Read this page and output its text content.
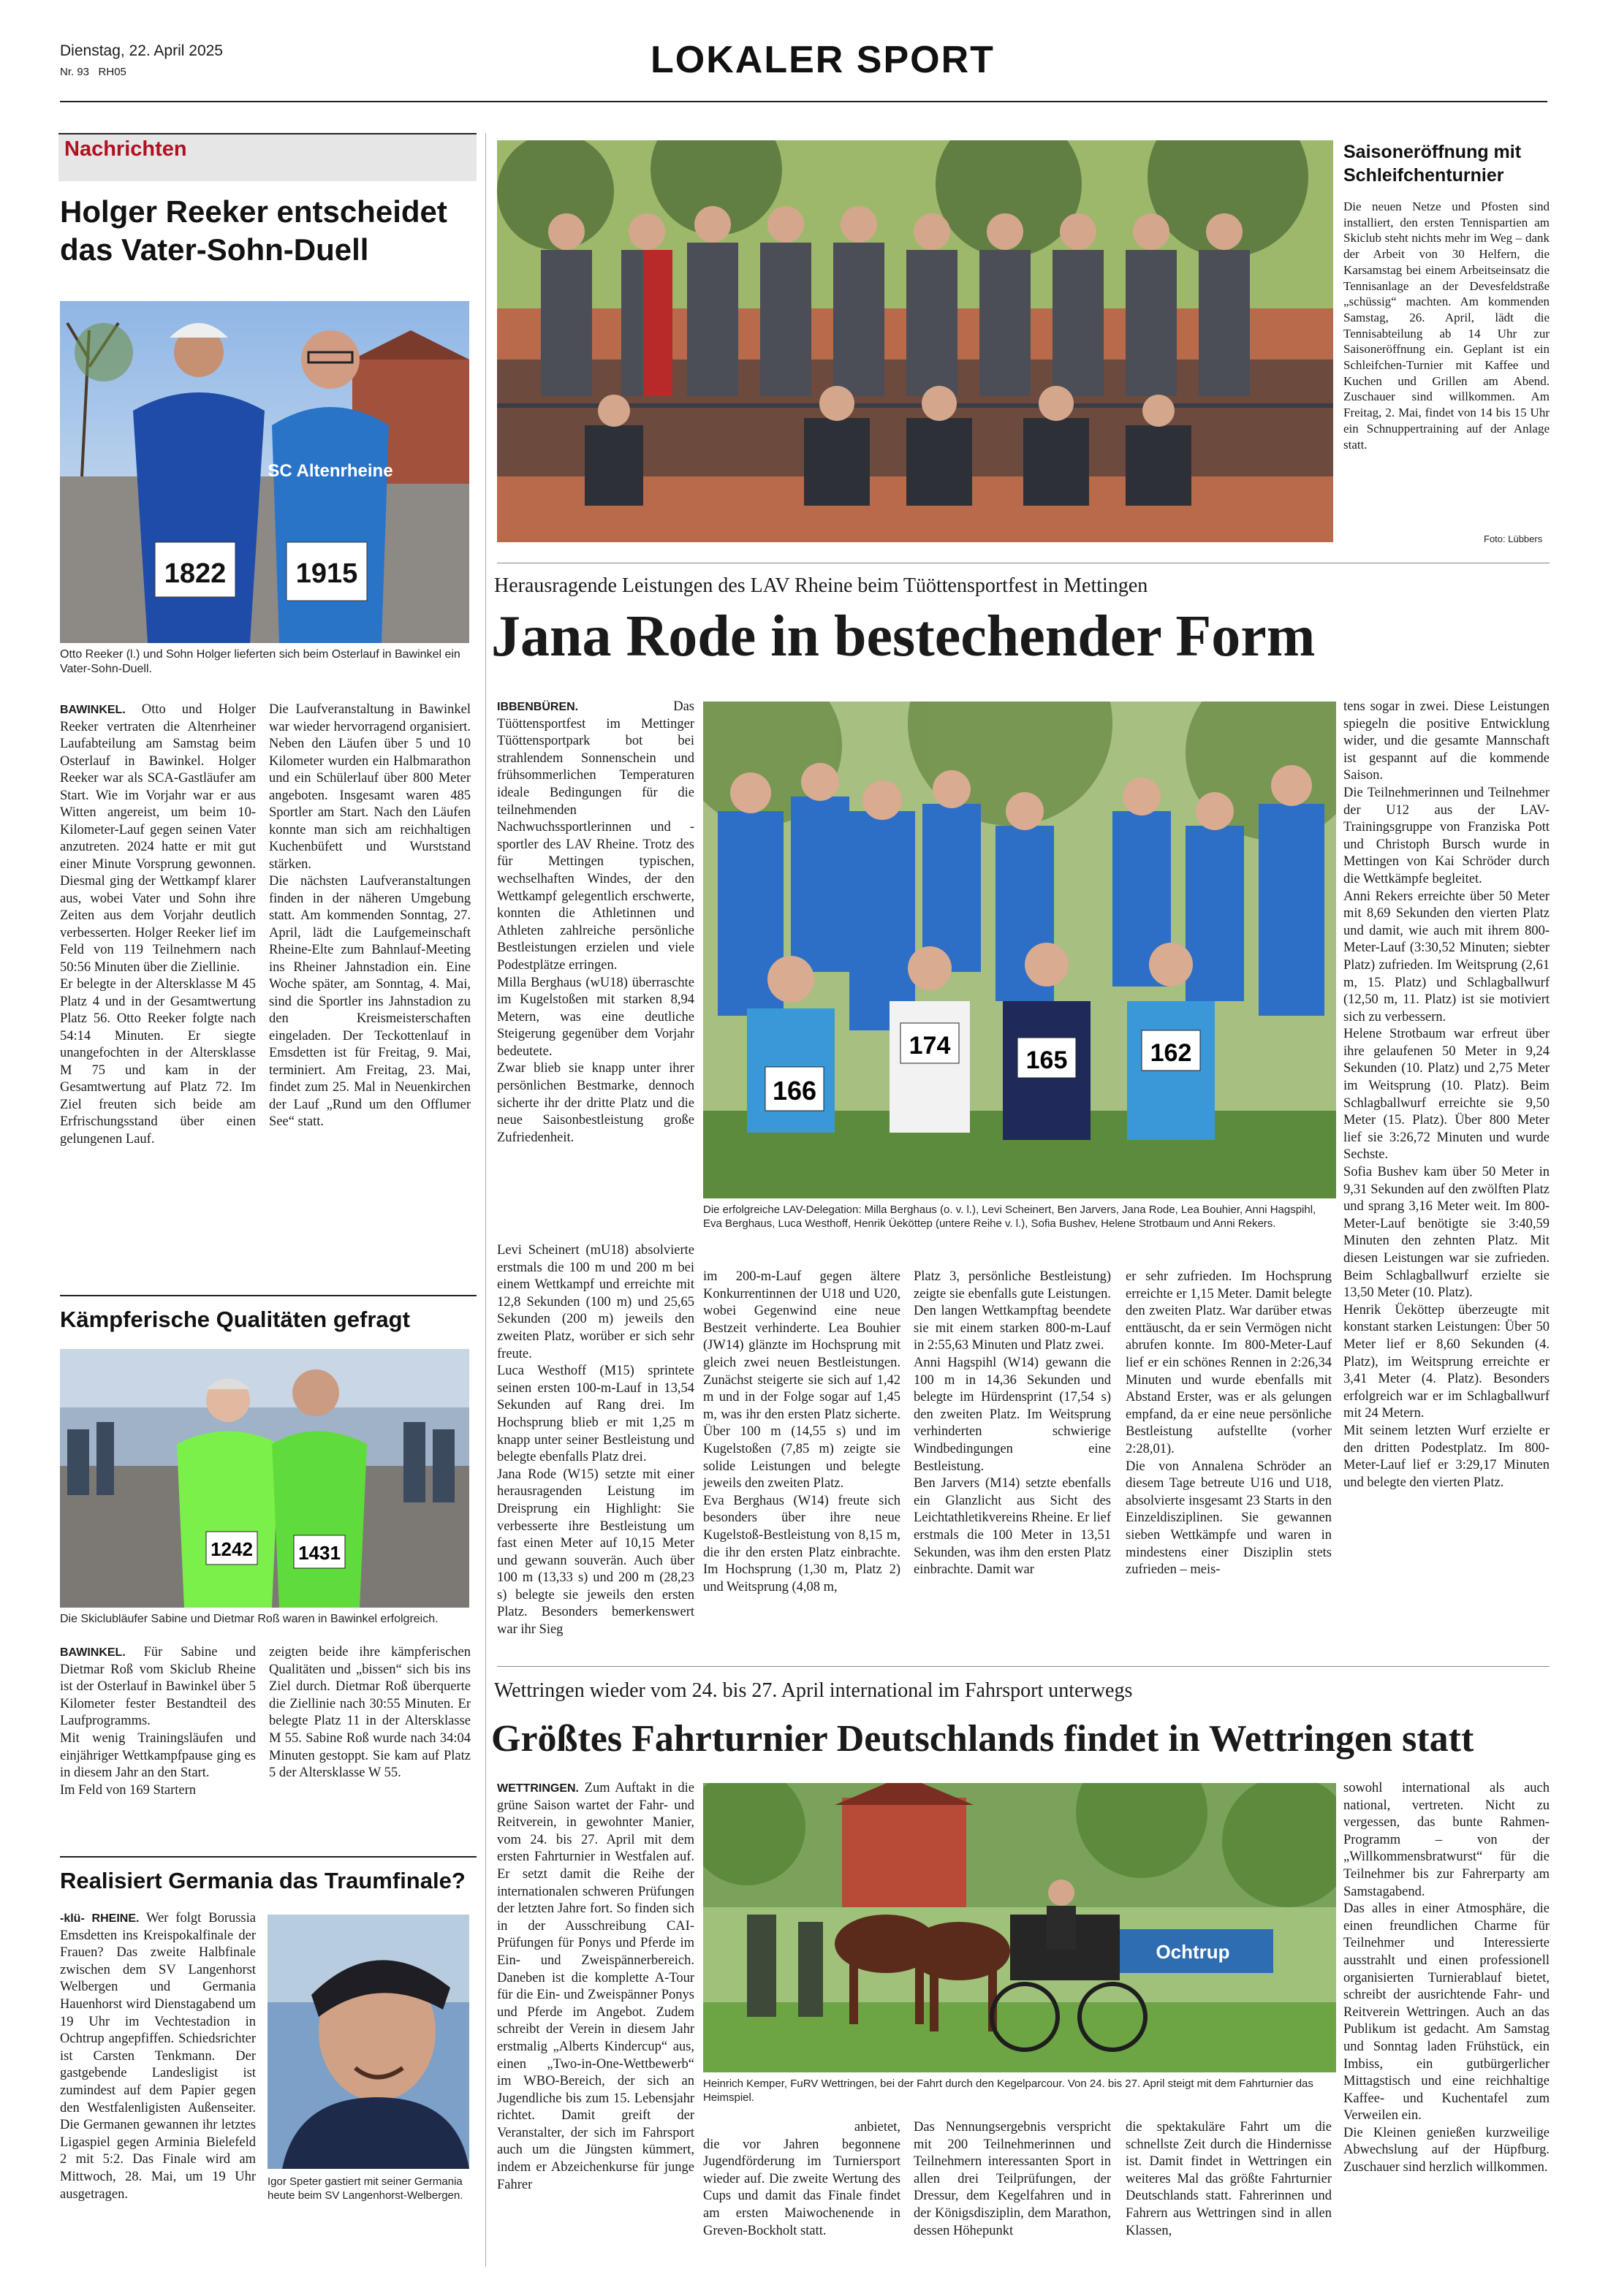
Dienstag, 22. April 2025
Nr. 93 RH05	LOKALER SPORT
Nachrichten
Holger Reeker entscheidet das Vater-Sohn-Duell
1822
SC Altenrheine
1915
Otto Reeker (l.) und Sohn Holger lieferten sich beim Osterlauf in Bawinkel ein Vater-Sohn-Duell.
BAWINKEL. Otto und Holger Reeker vertraten die Altenrheiner Laufabteilung am Samstag beim Osterlauf in Bawinkel. Holger Reeker war als SCA-Gastläufer am Start. Wie im Vorjahr war er aus Witten angereist, um beim 10-Kilometer-Lauf gegen seinen Vater anzutreten. 2024 hatte er mit gut einer Minute Vorsprung gewonnen. Diesmal ging der Wettkampf klarer aus, wobei Vater und Sohn ihre Zeiten aus dem Vorjahr deutlich verbesserten. Holger Reeker lief im Feld von 119 Teilnehmern nach 50:56 Minuten über die Ziellinie.
Er belegte in der Altersklasse M 45 Platz 4 und in der Gesamtwertung Platz 56. Otto Reeker folgte nach 54:14 Minuten. Er siegte unangefochten in der Altersklasse M 75 und kam in der Gesamtwertung auf Platz 72. Im Ziel freuten sich beide am Erfrischungsstand über einen gelungenen Lauf.
Die Laufveranstaltung in Bawinkel war wieder hervorragend organisiert. Neben den Läufen über 5 und 10 Kilometer wurden ein Halbmarathon und ein Schülerlauf über 800 Meter angeboten. Insgesamt waren 485 Sportler am Start. Nach den Läufen konnte man sich am reichhaltigen Kuchenbüfett und Wurststand stärken.
Die nächsten Laufveranstaltungen finden in der näheren Umgebung statt. Am kommenden Sonntag, 27. April, lädt die Laufgemeinschaft Rheine-Elte zum Bahnlauf-Meeting ins Rheiner Jahnstadion ein. Eine Woche später, am Sonntag, 4. Mai, sind die Sportler ins Jahnstadion zu den Kreismeisterschaften eingeladen. Der Teckottenlauf in Emsdetten ist für Freitag, 9. Mai, terminiert. Am Freitag, 23. Mai, findet zum 25. Mal in Neuenkirchen der Lauf „Rund um den Offlumer See“ statt.
Kämpferische Qualitäten gefragt
1242 1431
Die Skiclubläufer Sabine und Dietmar Roß waren in Bawinkel erfolgreich.
BAWINKEL. Für Sabine und Dietmar Roß vom Skiclub Rheine ist der Osterlauf in Bawinkel über 5 Kilometer fester Bestandteil des Laufprogramms.
Mit wenig Trainingsläufen und einjähriger Wettkampfpause ging es in diesem Jahr an den Start.
Im Feld von 169 Startern
zeigten beide ihre kämpferischen Qualitäten und „bissen“ sich bis ins Ziel durch. Dietmar Roß überquerte die Ziellinie nach 30:55 Minuten. Er belegte Platz 11 in der Altersklasse M 55. Sabine Roß wurde nach 34:04 Minuten gestoppt. Sie kam auf Platz 5 der Altersklasse W 55.
Realisiert Germania das Traumfinale?
-klü- RHEINE. Wer folgt Borussia Emsdetten ins Kreispokalfinale der Frauen? Das zweite Halbfinale zwischen dem SV Langenhorst Welbergen und Germania Hauenhorst wird Dienstagabend um 19 Uhr im Vechtestadion in Ochtrup angepfiffen. Schiedsrichter ist Carsten Tenkmann. Der gastgebende Landesligist ist zumindest auf dem Papier gegen den Westfalenligisten Außenseiter. Die Germanen gewannen ihr letztes Ligaspiel gegen Arminia Bielefeld 2 mit 5:2. Das Finale wird am Mittwoch, 28. Mai, um 19 Uhr ausgetragen.
Igor Speter gastiert mit seiner Germania heute beim SV Langenhorst-Welbergen.
Saisoneröffnung mit Schleifchenturnier
Die neuen Netze und Pfosten sind installiert, den ersten Tennispartien am Skiclub steht nichts mehr im Weg – dank der Arbeit von 30 Helfern, die Karsamstag bei einem Arbeitseinsatz die Tennisanlage an der Devesfeldstraße „schüssig“ machten. Am kommenden Samstag, 26. April, lädt die Tennisabteilung ab 14 Uhr zur Saisoneröffnung ein. Geplant ist ein Schleifchen-Turnier mit Kaffee und Kuchen und Grillen am Abend. Zuschauer sind willkommen. Am Freitag, 2. Mai, findet von 14 bis 15 Uhr ein Schnuppertraining auf der Anlage statt.
Foto: Lübbers
Herausragende Leistungen des LAV Rheine beim Tüöttensportfest in Mettingen
Jana Rode in bestechender Form
IBBENBÜREN.	Das Tüöttensportfest im Mettinger Tüöttensportpark bot bei strahlendem Sonnenschein und frühsommerlichen Temperaturen ideale Bedingungen für die teilnehmenden Nachwuchssportlerinnen und -sportler des LAV Rheine. Trotz des für Mettingen typischen, wechselhaften Windes, der den Wettkampf gelegentlich erschwerte, konnten die Athletinnen und Athleten zahlreiche persönliche Bestleistungen erzielen und viele Podestplätze erringen.
Milla Berghaus (wU18) überraschte im Kugelstoßen mit starken 8,94 Metern, was eine deutliche Steigerung gegenüber dem Vorjahr bedeutete.
Zwar blieb sie knapp unter ihrer persönlichen Bestmarke, dennoch sicherte ihr der dritte Platz und die neue Saisonbestleistung große Zufriedenheit.
166
174
165	162
Die erfolgreiche LAV-Delegation: Milla Berghaus (o. v. l.), Levi Scheinert, Ben Jarvers, Jana Rode, Lea Bouhier, Anni Hagspihl, Eva Berghaus, Luca Westhoff, Henrik Üeköttер (untere Reihe v. l.), Sofia Bushev, Helene Strotbaum und Anni Rekers.
Levi Scheinert (mU18) absolvierte erstmals die 100 m und 200 m bei einem Wettkampf und erreichte mit 12,8 Sekunden (100 m) und 25,65 Sekunden (200 m) jeweils den zweiten Platz, worüber er sich sehr freute.
Luca Westhoff (M15) sprintete seinen ersten 100-m-Lauf in 13,54 Sekunden auf Rang drei. Im Hochsprung blieb er mit 1,25 m knapp unter seiner Bestleistung und belegte ebenfalls Platz drei.
Jana Rode (W15) setzte mit einer herausragenden Leistung im Dreisprung ein Highlight: Sie verbesserte ihre Bestleistung um fast einen Meter auf 10,15 Meter und gewann souverän. Auch über 100 m (13,33 s) und 200 m (28,23 s) belegte sie jeweils den ersten Platz. Besonders bemerkenswert war ihr Sieg
im 200-m-Lauf gegen ältere Konkurrentinnen der U18 und U20, wobei Gegenwind eine neue Bestzeit verhinderte. Lea Bouhier (JW14) glänzte im Hochsprung mit gleich zwei neuen Bestleistungen. Zunächst steigerte sie sich auf 1,42 m und in der Folge sogar auf 1,45 m, was ihr den ersten Platz sicherte. Über 100 m (14,55 s) und im Kugelstoßen (7,85 m) zeigte sie solide Leistungen und belegte jeweils den zweiten Platz.
Eva Berghaus (W14) freute sich besonders über ihre neue Kugelstoß-Bestleistung von 8,15 m, die ihr den ersten Platz einbrachte. Im Hochsprung (1,30 m, Platz 2) und Weitsprung (4,08 m,
Platz 3, persönliche Bestleistung) zeigte sie ebenfalls gute Leistungen. Den langen Wettkampftag beendete sie mit einem starken 800-m-Lauf in 2:55,63 Minuten und Platz zwei.
Anni Hagspihl (W14) gewann die 100 m in 14,36 Sekunden und belegte im Hürdensprint (17,54 s) den zweiten Platz. Im Weitsprung verhinderten schwierige Windbedingungen eine Bestleistung.
Ben Jarvers (M14) setzte ebenfalls ein Glanzlicht aus Sicht des Leichtathletikvereins Rheine. Er lief erstmals die 100 Meter in 13,51 Sekunden, was ihm den ersten Platz einbrachte. Damit war
er sehr zufrieden. Im Hochsprung erreichte er 1,15 Meter. Damit belegte den zweiten Platz. War darüber etwas enttäuscht, da er sein Vermögen nicht abrufen konnte. Im 800-Meter-Lauf lief er ein schönes Rennen in 2:26,34 Minuten und wurde ebenfalls mit Abstand Erster, was er als gelungen empfand, da er eine neue persönliche Bestleistung aufstellte (vorher 2:28,01).
Die von Annalena Schröder an diesem Tage betreute U16 und U18, absolvierte insgesamt 23 Starts in den Einzeldisziplinen. Sie gewannen sieben Wettkämpfe und waren in mindestens einer Disziplin stets zufrieden – meis-
tens sogar in zwei. Diese Leistungen spiegeln die positive Entwicklung wider, und die gesamte Mannschaft ist gespannt auf die kommende Saison.
Die Teilnehmerinnen und Teilnehmer der U12 aus der LAV-Trainingsgruppe von Franziska Pott und Christoph Bursch wurde in Mettingen von Kai Schröder durch die Wettkämpfe begleitet.
Anni Rekers erreichte über 50 Meter mit 8,69 Sekunden den vierten Platz und damit, wie auch mit ihrem 800-Meter-Lauf (3:30,52 Minuten; siebter Platz) zufrieden. Im Weitsprung (2,61 m, 15. Platz) und Schlagballwurf (12,50 m, 11. Platz) ist sie motiviert sich zu verbessern.
Helene Strotbaum war erfreut über ihre gelaufenen 50 Meter in 9,24 Sekunden (10. Platz) und 2,75 Meter im Weitsprung (10. Platz). Beim Schlagballwurf erreichte sie 9,50 Meter (15. Platz). Über 800 Meter lief sie 3:26,72 Minuten und wurde Sechste.
Sofia Bushev kam über 50 Meter in 9,31 Sekunden auf den zwölften Platz und sprang 3,16 Meter weit. Im 800-Meter-Lauf benötigte sie 3:40,59 Minuten den zehnten Platz. Mit diesen Leistungen war sie zufrieden. Beim Schlagballwurf erzielte sie 13,50 Meter (10. Platz).
Henrik Üeköttер überzeugte mit konstant starken Leistungen: Über 50 Meter lief er 8,60 Sekunden (4. Platz), im Weitsprung erreichte er 3,41 Meter (4. Platz). Besonders erfolgreich war er im Schlagballwurf mit 24 Metern.
Mit seinem letzten Wurf erzielte er den dritten Podestplatz. Im 800-Meter-Lauf lief er 3:29,17 Minuten und belegte den vierten Platz.
Wettringen wieder vom 24. bis 27. April international im Fahrsport unterwegs
Größtes Fahrturnier Deutschlands findet in Wettringen statt
WETTRINGEN. Zum Auftakt in die grüne Saison wartet der Fahr- und Reitverein, in gewohnter Manier, vom 24. bis 27. April mit dem ersten Fahrturnier in Westfalen auf. Er setzt damit die Reihe der internationalen schweren Prüfungen der letzten Jahre fort. So finden sich in der Ausschreibung CAI-Prüfungen für Ponys und Pferde im Ein- und Zweispännerbereich. Daneben ist die komplette A-Tour für die Ein- und Zweispänner Ponys und Pferde im Angebot. Zudem schreibt der Verein in diesem Jahr erstmalig „Alberts Kindercup“ aus, einen „Two-in-One-Wettbewerb“ im WBO-Bereich, der sich an Jugendliche bis zum 15. Lebensjahr richtet. Damit greift der Veranstalter, der sich im Fahrsport auch um die Jüngsten kümmert, indem er Abzeichenkurse für junge Fahrer
Ochtrup
Heinrich Kemper, FuRV Wettringen, bei der Fahrt durch den Kegelparcour. Von 24. bis 27. April steigt mit dem Fahrturnier das Heimspiel.
anbietet,
die vor Jahren begonnene Jugendförderung im Turniersport wieder auf. Die zweite Wertung des Cups und damit das Finale findet am ersten Maiwochenende in Greven-Bockholt statt.
Das Nennungsergebnis verspricht mit 200 Teilnehmerinnen und Teilnehmern interessanten Sport in allen drei Teilprüfungen, der Dressur, dem Kegelfahren und in der Königsdisziplin, dem Marathon, dessen Höhepunkt
die spektakuläre Fahrt um die schnellste Zeit durch die Hindernisse ist. Damit findet in Wettringen ein weiteres Mal das größte Fahrturnier Deutschlands statt. Fahrerinnen und Fahrern aus Wettringen sind in allen Klassen,
sowohl international als auch national, vertreten. Nicht zu vergessen, das bunte Rahmen-Programm – von der „Willkommensbratwurst“ für die Teilnehmer bis zur Fahrerparty am Samstagabend.
Das alles in einer Atmosphäre, die einen freundlichen Charme für Teilnehmer und Interessierte ausstrahlt und einen professionell organisierten Turnierablauf bietet, schreibt der ausrichtende Fahr- und Reitverein Wettringen. Auch an das Publikum ist gedacht. Am Samstag und Sonntag laden Frühstück, ein Imbiss, ein gutbürgerlicher Mittagstisch und eine reichhaltige Kaffee- und Kuchentafel zum Verweilen ein.
Die Kleinen genießen kurzweilige Abwechslung auf der Hüpfburg. Zuschauer sind herzlich willkommen.
